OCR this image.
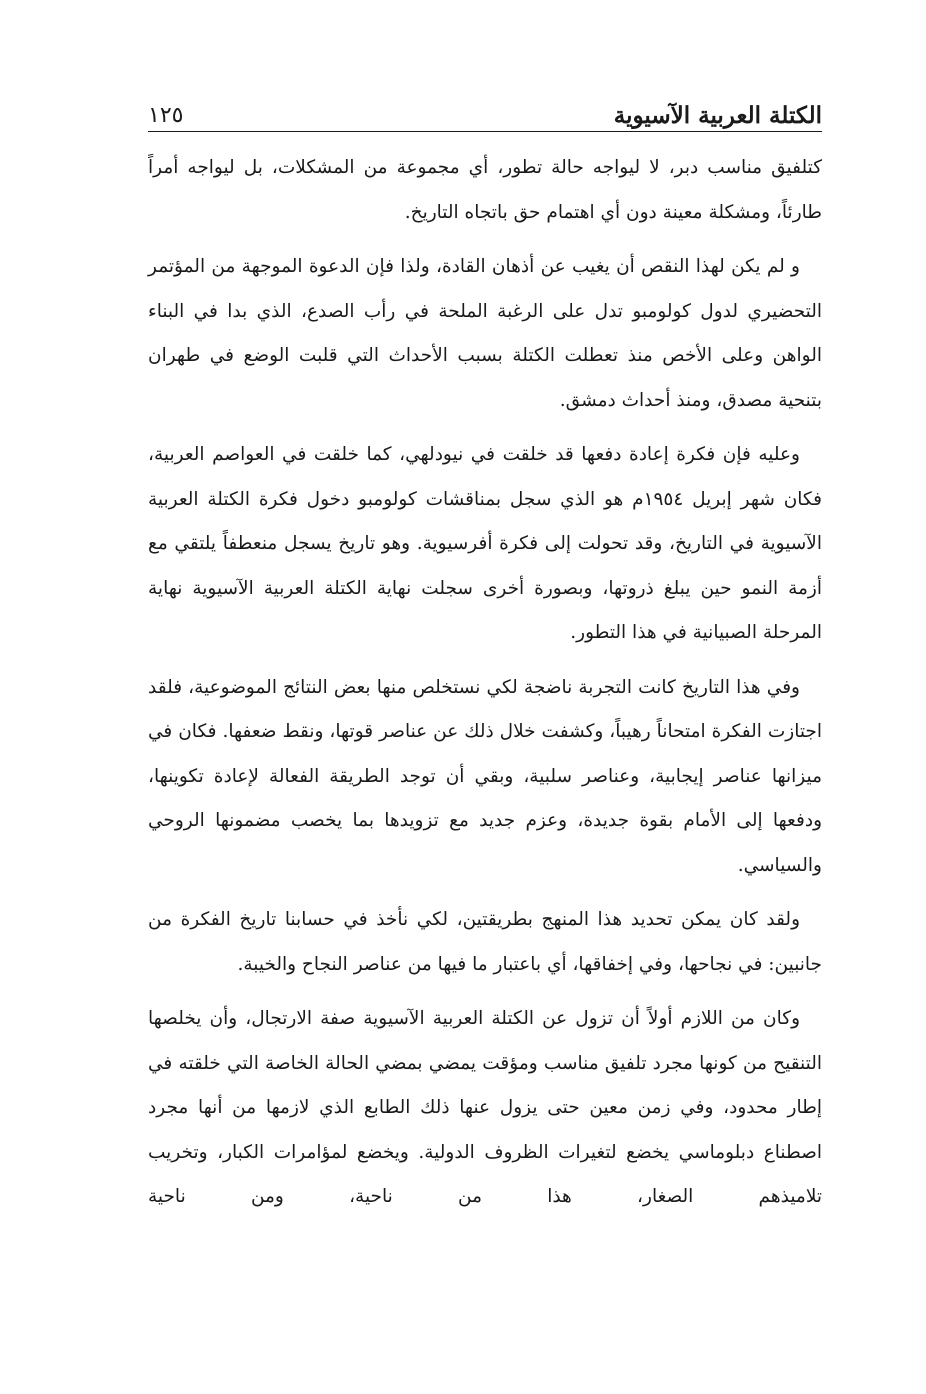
الكتلة العربية الآسيوية
١٢٥

كتلفيق مناسب دبر، لا ليواجه حالة تطور، أي مجموعة من المشكلات، بل ليواجه أمراً طارئاً، ومشكلة معينة دون أي اهتمام حق باتجاه التاريخ.

و لم يكن لهذا النقص أن يغيب عن أذهان القادة، ولذا فإن الدعوة الموجهة من المؤتمر التحضيري لدول كولومبو تدل على الرغبة الملحة في رأب الصدع، الذي بدا في البناء الواهن وعلى الأخص منذ تعطلت الكتلة بسبب الأحداث التي قلبت الوضع في طهران بتنحية مصدق، ومنذ أحداث دمشق.

وعليه فإن فكرة إعادة دفعها قد خلقت في نيودلهي، كما خلقت في العواصم العربية، فكان شهر إبريل ١٩٥٤م هو الذي سجل بمناقشات كولومبو دخول فكرة الكتلة العربية الآسيوية في التاريخ، وقد تحولت إلى فكرة أفرسيوية. وهو تاريخ يسجل منعطفاً يلتقي مع أزمة النمو حين يبلغ ذروتها، وبصورة أخرى سجلت نهاية الكتلة العربية الآسيوية نهاية المرحلة الصبيانية في هذا التطور.

وفي هذا التاريخ كانت التجربة ناضجة لكي نستخلص منها بعض النتائج الموضوعية، فلقد اجتازت الفكرة امتحاناً رهيباً، وكشفت خلال ذلك عن عناصر قوتها، ونقط ضعفها. فكان في ميزانها عناصر إيجابية، وعناصر سلبية، وبقي أن توجد الطريقة الفعالة لإعادة تكوينها، ودفعها إلى الأمام بقوة جديدة، وعزم جديد مع تزويدها بما يخصب مضمونها الروحي والسياسي.

ولقد كان يمكن تحديد هذا المنهج بطريقتين، لكي نأخذ في حسابنا تاريخ الفكرة من جانبين: في نجاحها، وفي إخفاقها، أي باعتبار ما فيها من عناصر النجاح والخيبة.

وكان من اللازم أولاً أن تزول عن الكتلة العربية الآسيوية صفة الارتجال، وأن يخلصها التنقيح من كونها مجرد تلفيق مناسب ومؤقت يمضي بمضي الحالة الخاصة التي خلقته في إطار محدود، وفي زمن معين حتى يزول عنها ذلك الطابع الذي لازمها من أنها مجرد اصطناع دبلوماسي يخضع لتغيرات الظروف الدولية. ويخضع لمؤامرات الكبار، وتخريب تلاميذهم الصغار، هذا من ناحية، ومن ناحية
